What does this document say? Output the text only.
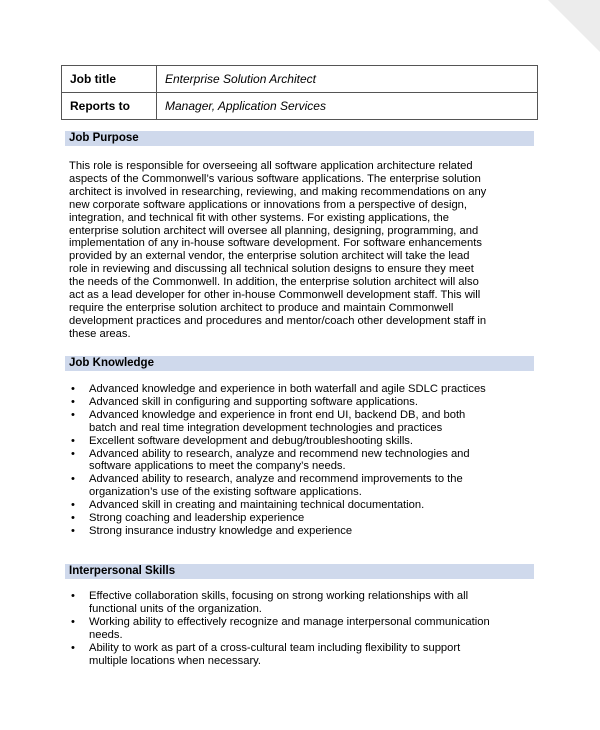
Job title	Enterprise Solution Architect
Reports to	Manager, Application Services
Job Purpose

This role is responsible for overseeing all software application architecture related
aspects of the Commonwell’s various software applications. The enterprise solution
architect is involved in researching, reviewing, and making recommendations on any
new corporate software applications or innovations from a perspective of design,
integration, and technical fit with other systems. For existing applications, the
enterprise solution architect will oversee all planning, designing, programming, and
implementation of any in-house software development. For software enhancements
provided by an external vendor, the enterprise solution architect will take the lead
role in reviewing and discussing all technical solution designs to ensure they meet
the needs of the Commonwell. In addition, the enterprise solution architect will also
act as a lead developer for other in-house Commonwell development staff. This will
require the enterprise solution architect to produce and maintain Commonwell
development practices and procedures and mentor/coach other development staff in
these areas.

Job Knowledge
• Advanced knowledge and experience in both waterfall and agile SDLC practices
• Advanced skill in configuring and supporting software applications.
• Advanced knowledge and experience in front end UI, backend DB, and both
batch and real time integration development technologies and practices
• Excellent software development and debug/troubleshooting skills.
• Advanced ability to research, analyze and recommend new technologies and
software applications to meet the company’s needs.
• Advanced ability to research, analyze and recommend improvements to the
organization’s use of the existing software applications.
• Advanced skill in creating and maintaining technical documentation.
• Strong coaching and leadership experience
• Strong insurance industry knowledge and experience
Interpersonal Skills
• Effective collaboration skills, focusing on strong working relationships with all
functional units of the organization.
• Working ability to effectively recognize and manage interpersonal communication
needs.
• Ability to work as part of a cross-cultural team including flexibility to support
multiple locations when necessary.
